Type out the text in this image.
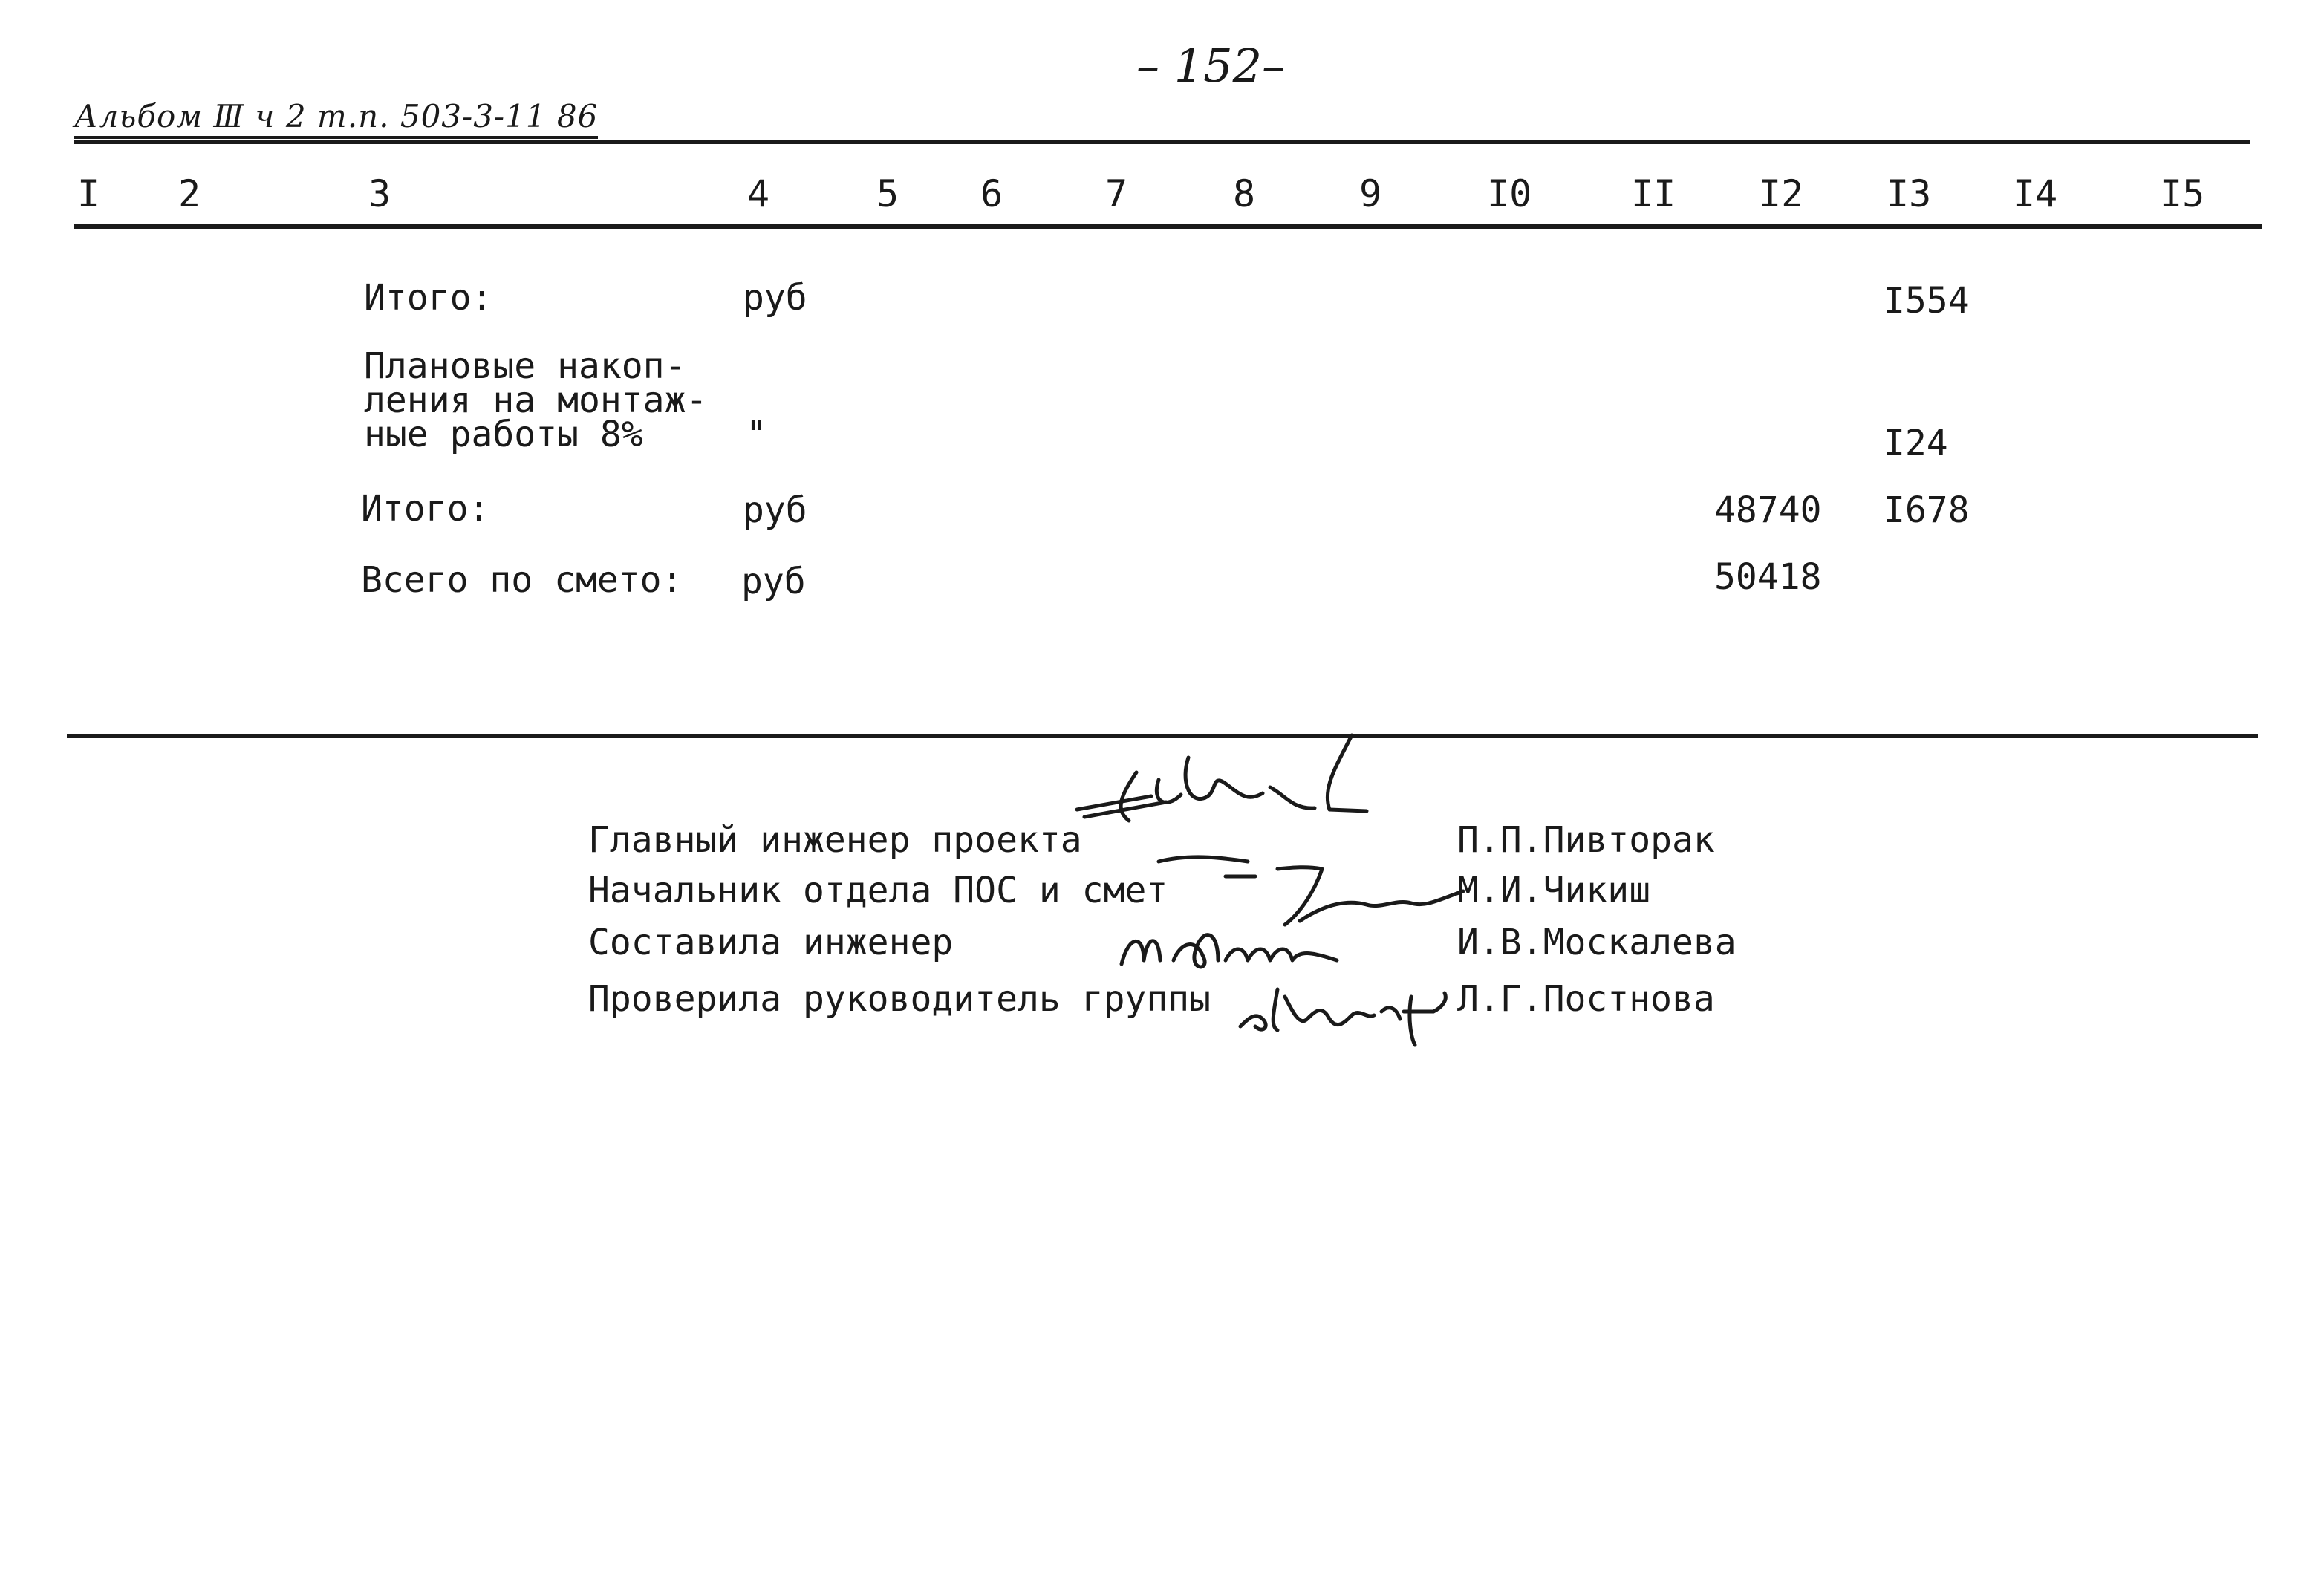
– 152–
Альбом Ⅲ ч 2 т.п. 503-3-11 86
I 2	3	4	5 6	7	8	9	I0	II I2 I3 I4	I5
Итого:	руб	I554
Плановые накоп-
ления на монтаж-
ные работы 8%	"	I24
Итого:	руб	48740 I678
Всего по смето: руб	50418
Главный инженер проекта	П.П.Пивторак
Начальник отдела ПОС и смет	М.И.Чикиш
Составила инженер	И.В.Москалева
Проверила руководитель группы	Л.Г.Постнова
